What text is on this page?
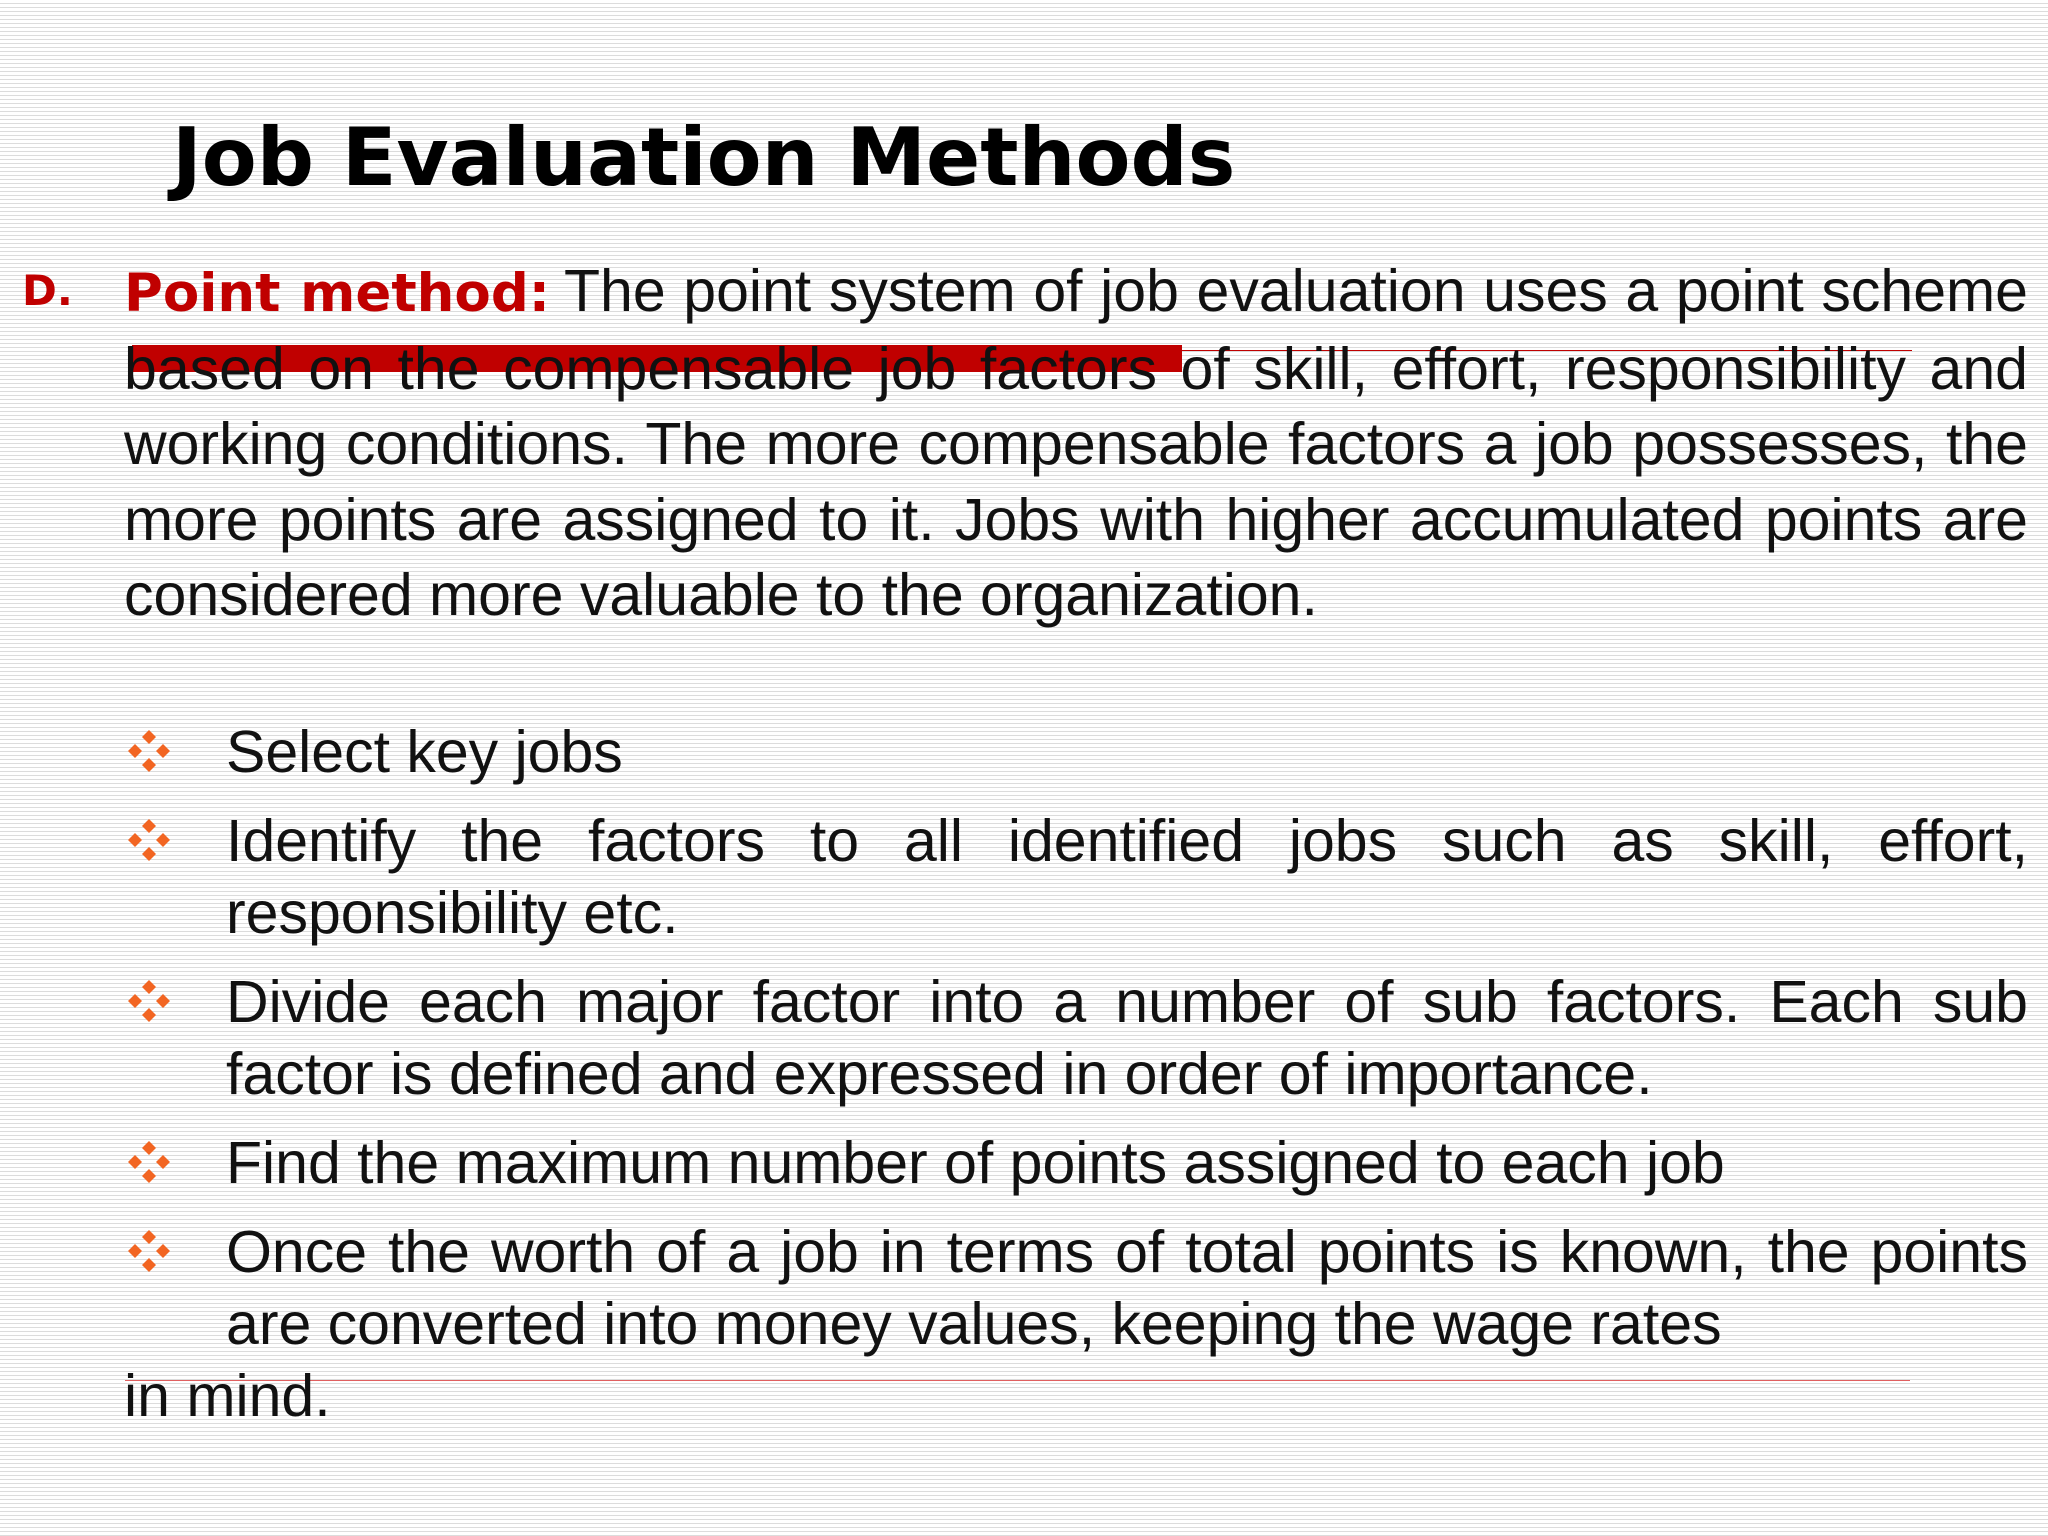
Job Evaluation Methods
D. Point method: The point system of job evaluation uses a point scheme based on the compensable job factors of skill, effort, responsibility and working conditions. The more compensable factors a job possesses, the more points are assigned to it. Jobs with higher accumulated points are considered more valuable to the organization.

Select key jobs
Identify the factors to all identified jobs such as skill, effort, responsibility etc.
Divide each major factor into a number of sub factors. Each sub factor is defined and expressed in order of importance.
Find the maximum number of points assigned to each job
Once the worth of a job in terms of total points is known, the points are converted into money values, keeping the wage rates
in mind.
